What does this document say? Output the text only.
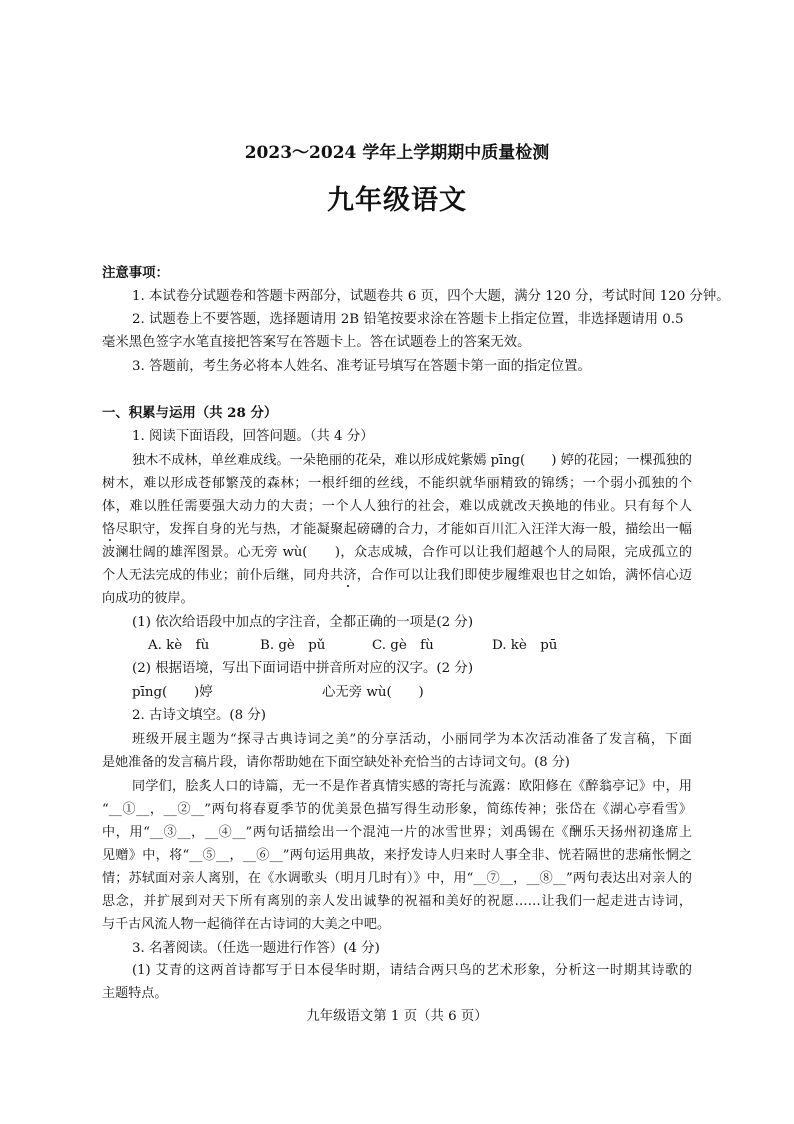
2023～2024 学年上学期期中质量检测
九年级语文
注意事项：
1. 本试卷分试题卷和答题卡两部分，试题卷共 6 页，四个大题，满分 120 分，考试时间 120 分钟。
2. 试题卷上不要答题，选择题请用 2B 铅笔按要求涂在答题卡上指定位置，非选择题请用 0.5
毫米黑色签字水笔直接把答案写在答题卡上。答在试题卷上的答案无效。
3. 答题前，考生务必将本人姓名、准考证号填写在答题卡第一面的指定位置。
一、积累与运用（共 28 分）
1. 阅读下面语段，回答问题。（共 4 分）
独木不成林，单丝难成线。一朵艳丽的花朵，难以形成姹紫嫣 pīng(　　) 婷的花园；一棵孤独的
树木，难以形成苍郁繁茂的森林；一根纤细的丝线，不能织就华丽精致的锦绣；一个弱小孤独的个
体，难以胜任需要强大动力的大责；一个人人独行的社会，难以成就改天换地的伟业。只有每个人
恪尽职守，发挥自身的光与热，才能凝聚起磅礴的合力，才能如百川汇入汪洋大海一般，描绘出一幅
波澜壮阔的雄浑图景。心无旁 wù(　　)，众志成城，合作可以让我们超越个人的局限，完成孤立的
个人无法完成的伟业；前仆后继，同舟共济，合作可以让我们即使步履维艰也甘之如饴，满怀信心迈
向成功的彼岸。
(1) 依次给语段中加点的字注音，全都正确的一项是(2 分)
A. kè　fù	B. gè　pǔ	C. gè　fù	D. kè　pū
(2) 根据语境，写出下面词语中拼音所对应的汉字。(2 分)
pīng(　　)婷	心无旁 wù(　　)
2. 古诗文填空。(8 分)
班级开展主题为“探寻古典诗词之美”的分享活动，小丽同学为本次活动准备了发言稿，下面
是她准备的发言稿片段，请你帮助她在下面空缺处补充恰当的古诗词文句。(8 分)
同学们，脍炙人口的诗篇，无一不是作者真情实感的寄托与流露：欧阳修在《醉翁亭记》中，用
“__①__，__②__”两句将春夏季节的优美景色描写得生动形象，简练传神；张岱在《湖心亭看雪》
中，用“__③__，__④__”两句话描绘出一个混沌一片的冰雪世界；刘禹锡在《酬乐天扬州初逢席上
见赠》中，将“__⑤__，__⑥__”两句运用典故，来抒发诗人归来时人事全非、恍若隔世的悲痛怅惘之
情；苏轼面对亲人离别，在《水调歌头（明月几时有）》中，用“__⑦__，__⑧__”两句表达出对亲人的
思念，并扩展到对天下所有离别的亲人发出诚挚的祝福和美好的祝愿……让我们一起走进古诗词，
与千古风流人物一起徜徉在古诗词的大美之中吧。
3. 名著阅读。（任选一题进行作答）(4 分)
(1) 艾青的这两首诗都写于日本侵华时期，请结合两只鸟的艺术形象，分析这一时期其诗歌的
主题特点。
九年级语文第 1 页（共 6 页）
